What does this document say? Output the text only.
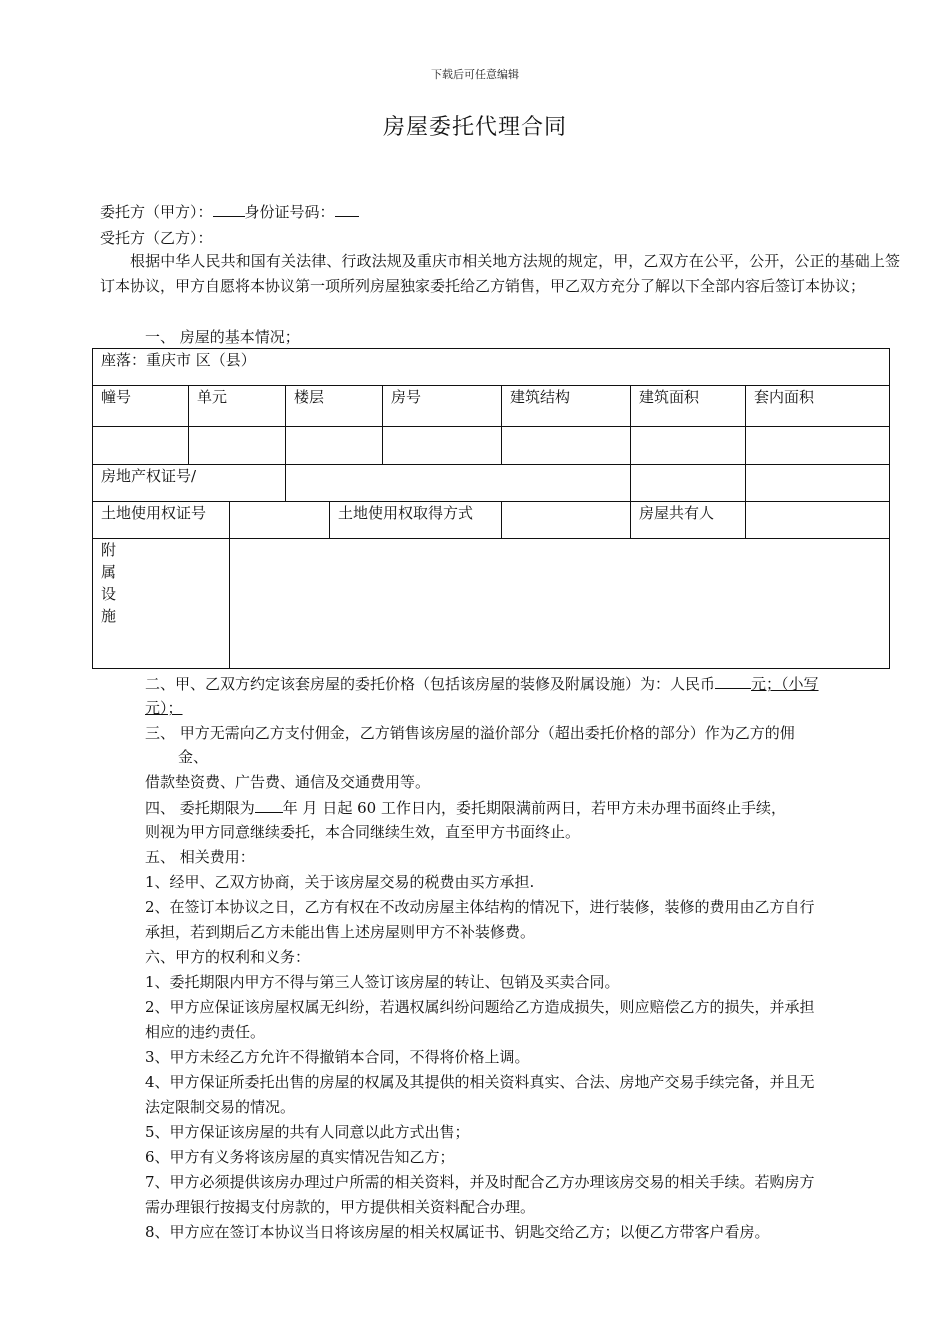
下载后可任意编辑
房屋委托代理合同
委托方（甲方）： 身份证号码：
受托方（乙方）：
根据中华人民共和国有关法律、行政法规及重庆市相关地方法规的规定，甲，乙双方在公平，公开，公正的基础上签订本协议，甲方自愿将本协议第一项所列房屋独家委托给乙方销售，甲乙双方充分了解以下全部内容后签订本协议；
一、 房屋的基本情况；
座落：重庆市 区（县）								
幢号	单元		楼层		房号	建筑结构	建筑面积	套内面积

房地产权证号/								
土地使用权证号				土地使用权取得方式			房屋共有人	

附
属
设
施								

二、甲、乙双方约定该套房屋的委托价格（包括该房屋的装修及附属设施）为：人民币 元；（小写
元）；
三、 甲方无需向乙方支付佣金，乙方销售该房屋的溢价部分（超出委托价格的部分）作为乙方的佣
金、
借款垫资费、广告费、通信及交通费用等。
四、 委托期限为 年 月 日起 60 工作日内，委托期限满前两日，若甲方未办理书面终止手续，
则视为甲方同意继续委托，本合同继续生效，直至甲方书面终止。
五、 相关费用：
1、经甲、乙双方协商，关于该房屋交易的税费由买方承担.
2、在签订本协议之日，乙方有权在不改动房屋主体结构的情况下，进行装修，装修的费用由乙方自行
承担，若到期后乙方未能出售上述房屋则甲方不补装修费。
六、甲方的权利和义务：
1、委托期限内甲方不得与第三人签订该房屋的转让、包销及买卖合同。
2、甲方应保证该房屋权属无纠纷，若遇权属纠纷问题给乙方造成损失，则应赔偿乙方的损失，并承担
相应的违约责任。
3、甲方未经乙方允许不得撤销本合同，不得将价格上调。
4、甲方保证所委托出售的房屋的权属及其提供的相关资料真实、合法、房地产交易手续完备，并且无
法定限制交易的情况。
5、甲方保证该房屋的共有人同意以此方式出售；
6、甲方有义务将该房屋的真实情况告知乙方；
7、甲方必须提供该房办理过户所需的相关资料，并及时配合乙方办理该房交易的相关手续。若购房方
需办理银行按揭支付房款的，甲方提供相关资料配合办理。
8、甲方应在签订本协议当日将该房屋的相关权属证书、钥匙交给乙方；以便乙方带客户看房。
